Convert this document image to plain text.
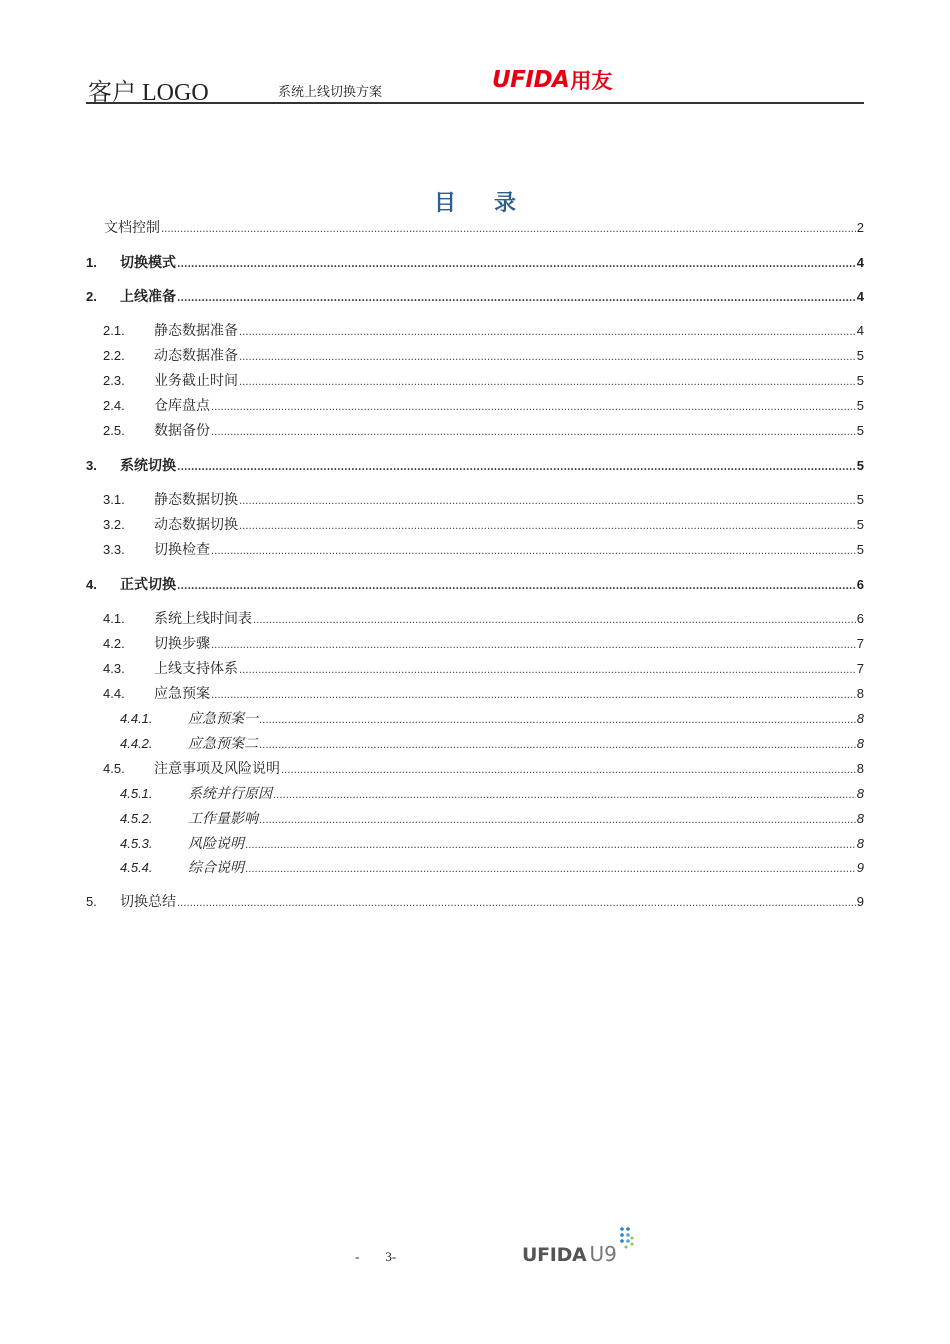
客户 LOGO	系统上线切换方案	UFIDA 用友
目录
文档控制 .....	2
1.	切换模式 .....	4
2.	上线准备 .....	4
2.1.	静态数据准备 .....	4
2.2.	动态数据准备 .....	5
2.3.	业务截止时间 .....	5
2.4.	仓库盘点 .....	5
2.5.	数据备份 .....	5
3.	系统切换 .....	5
3.1.	静态数据切换 .....	5
3.2.	动态数据切换 .....	5
3.3.	切换检查 .....	5
4.	正式切换 .....	6
4.1.	系统上线时间表 .....	6
4.2.	切换步骤 .....	7
4.3.	上线支持体系 .....	7
4.4.	应急预案 .....	8
4.4.1.	应急预案一 .....	8
4.4.2.	应急预案二 .....	8
4.5.	注意事项及风险说明 .....	8
4.5.1.	系统并行原因 .....	8
4.5.2.	工作量影响 .....	8
4.5.3.	风险说明 .....	8
4.5.4.	综合说明 .....	9
5.	切换总结 .....	9
- 3-	UFIDA U9
